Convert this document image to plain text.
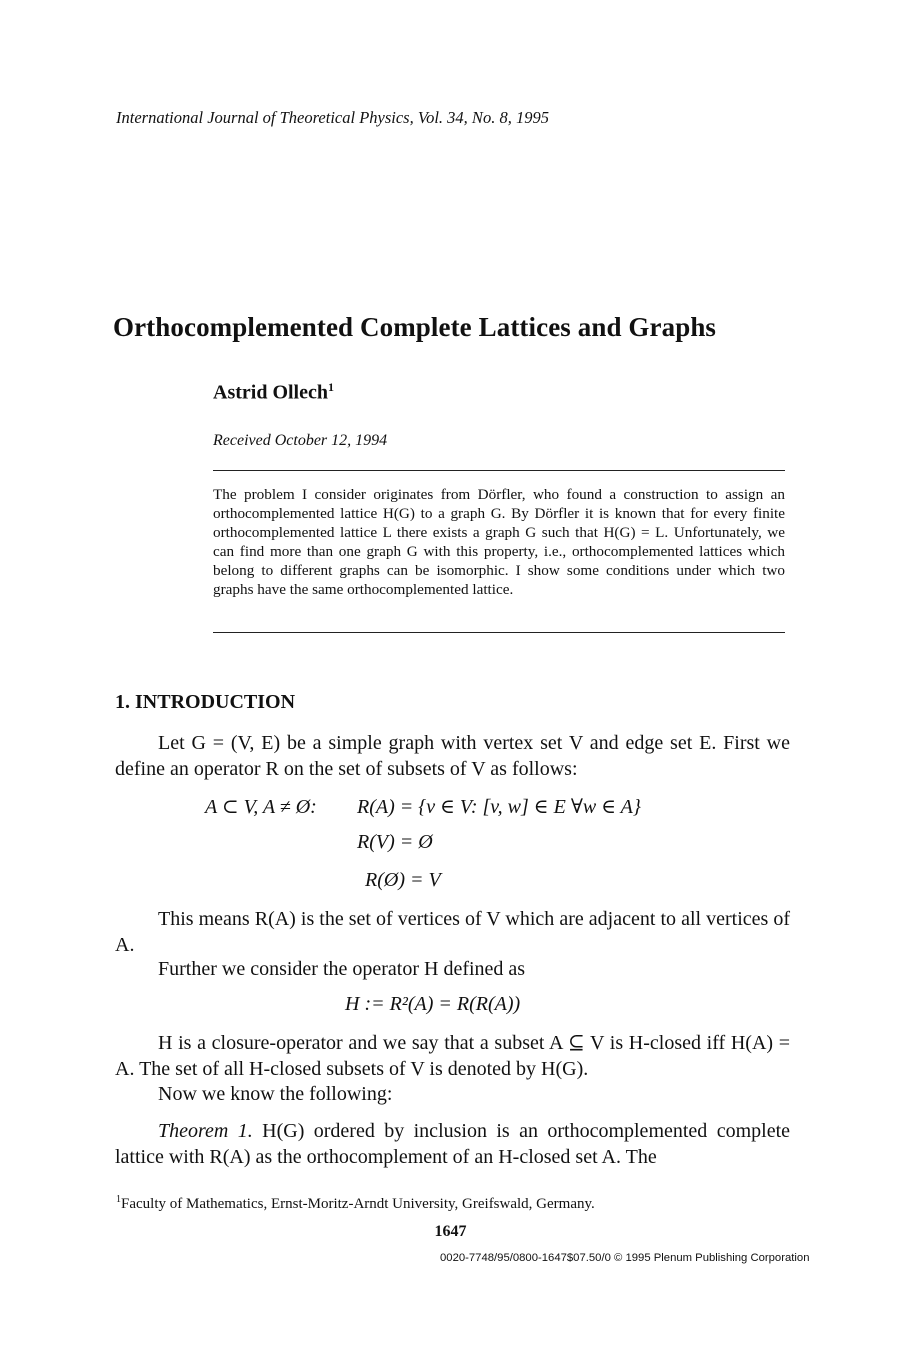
International Journal of Theoretical Physics, Vol. 34, No. 8, 1995
Orthocomplemented Complete Lattices and Graphs
Astrid Ollech$^1$
Received October 12, 1994

The problem I consider originates from Dörfler, who found a construction to assign an orthocomplemented lattice H(G) to a graph G. By Dörfler it is known that for every finite orthocomplemented lattice L there exists a graph G such that H(G) = L. Unfortunately, we can find more than one graph G with this property, i.e., orthocomplemented lattices which belong to different graphs can be isomorphic. I show some conditions under which two graphs have the same orthocomplemented lattice.

1. INTRODUCTION

Let G = (V, E) be a simple graph with vertex set V and edge set E. First we define an operator R on the set of subsets of V as follows:

A ⊂ V, A ≠ Ø: R(A) = {v ∈ V: [v, w] ∈ E ∀w ∈ A}
R(V) = Ø
R(Ø) = V

This means R(A) is the set of vertices of V which are adjacent to all vertices of A.

Further we consider the operator H defined as

H := R²(A) = R(R(A))

H is a closure-operator and we say that a subset A ⊆ V is H-closed iff H(A) = A. The set of all H-closed subsets of V is denoted by H(G).

Now we know the following:

Theorem 1. H(G) ordered by inclusion is an orthocomplemented complete lattice with R(A) as the orthocomplement of an H-closed set A. The

$^1$Faculty of Mathematics, Ernst-Moritz-Arndt University, Greifswald, Germany.
1647
0020-7748/95/0800-1647$07.50/0 © 1995 Plenum Publishing Corporation
